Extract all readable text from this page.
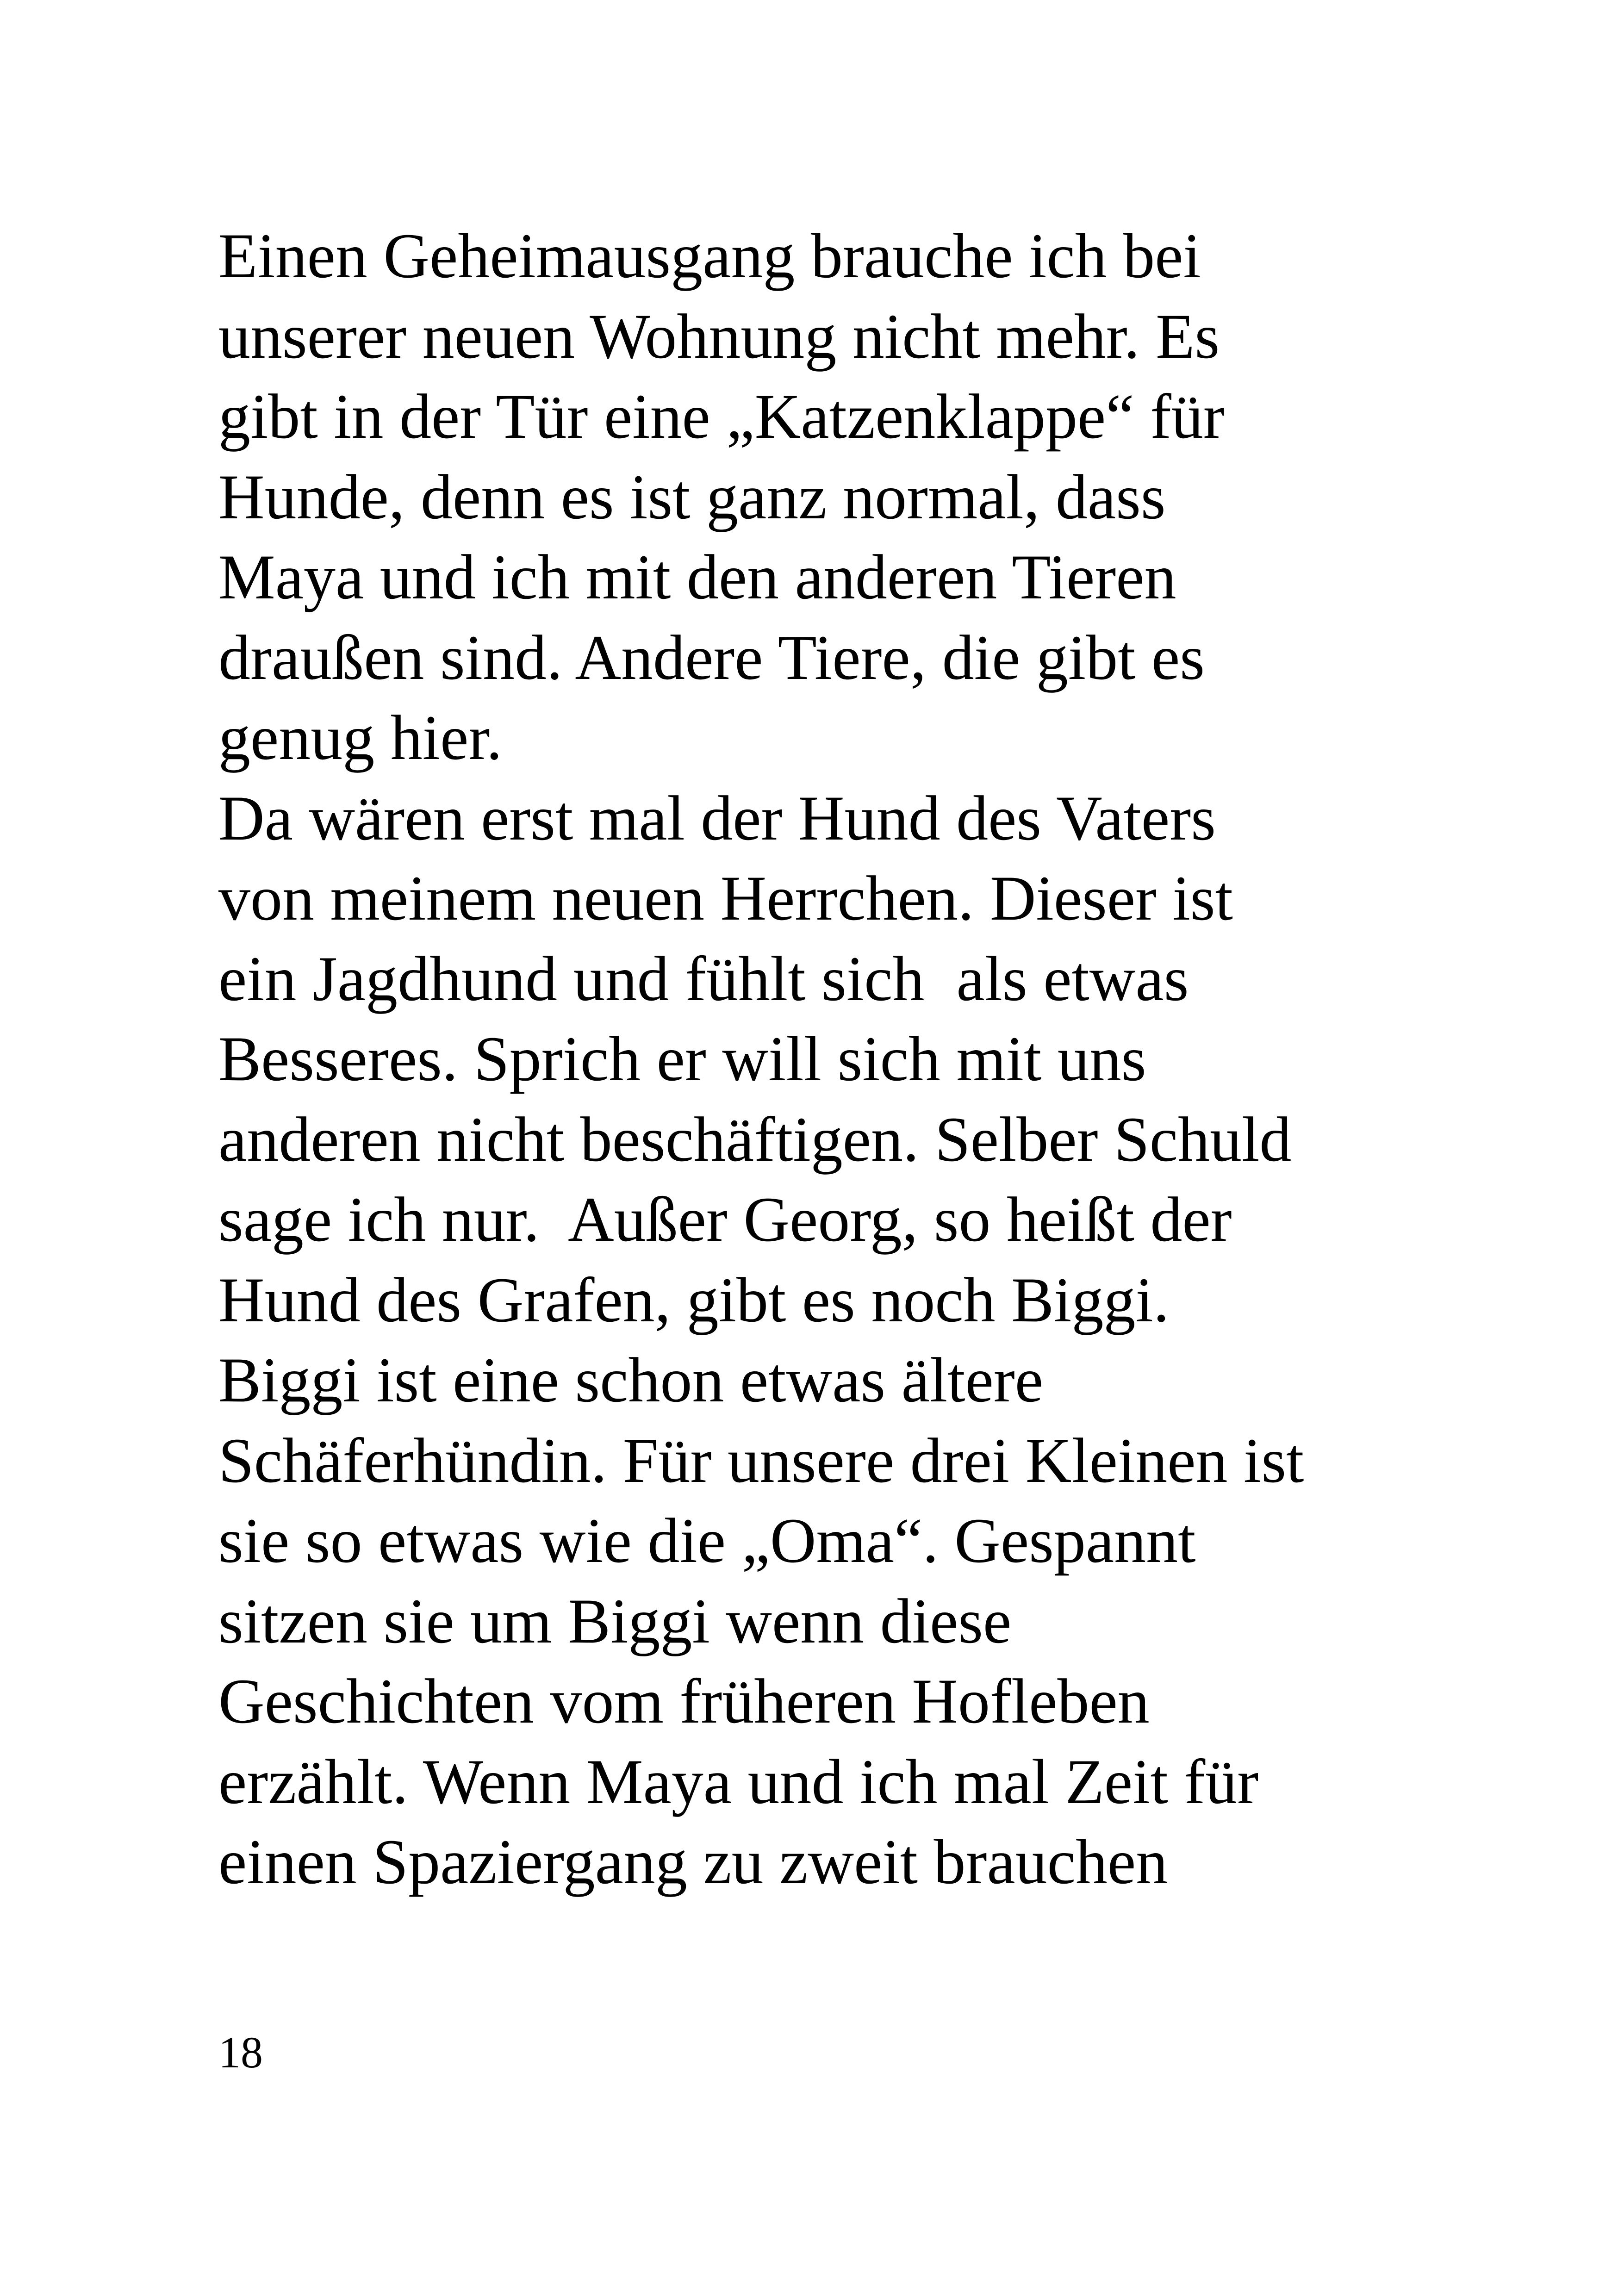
Einen Geheimausgang brauche ich bei
unserer neuen Wohnung nicht mehr. Es
gibt in der Tür eine „Katzenklappe“ für
Hunde, denn es ist ganz normal, dass
Maya und ich mit den anderen Tieren
draußen sind. Andere Tiere, die gibt es
genug hier.
Da wären erst mal der Hund des Vaters
von meinem neuen Herrchen. Dieser ist
ein Jagdhund und fühlt sich  als etwas
Besseres. Sprich er will sich mit uns
anderen nicht beschäftigen. Selber Schuld
sage ich nur.  Außer Georg, so heißt der
Hund des Grafen, gibt es noch Biggi.
Biggi ist eine schon etwas ältere
Schäferhündin. Für unsere drei Kleinen ist
sie so etwas wie die „Oma“. Gespannt
sitzen sie um Biggi wenn diese
Geschichten vom früheren Hofleben
erzählt. Wenn Maya und ich mal Zeit für
einen Spaziergang zu zweit brauchen
18
